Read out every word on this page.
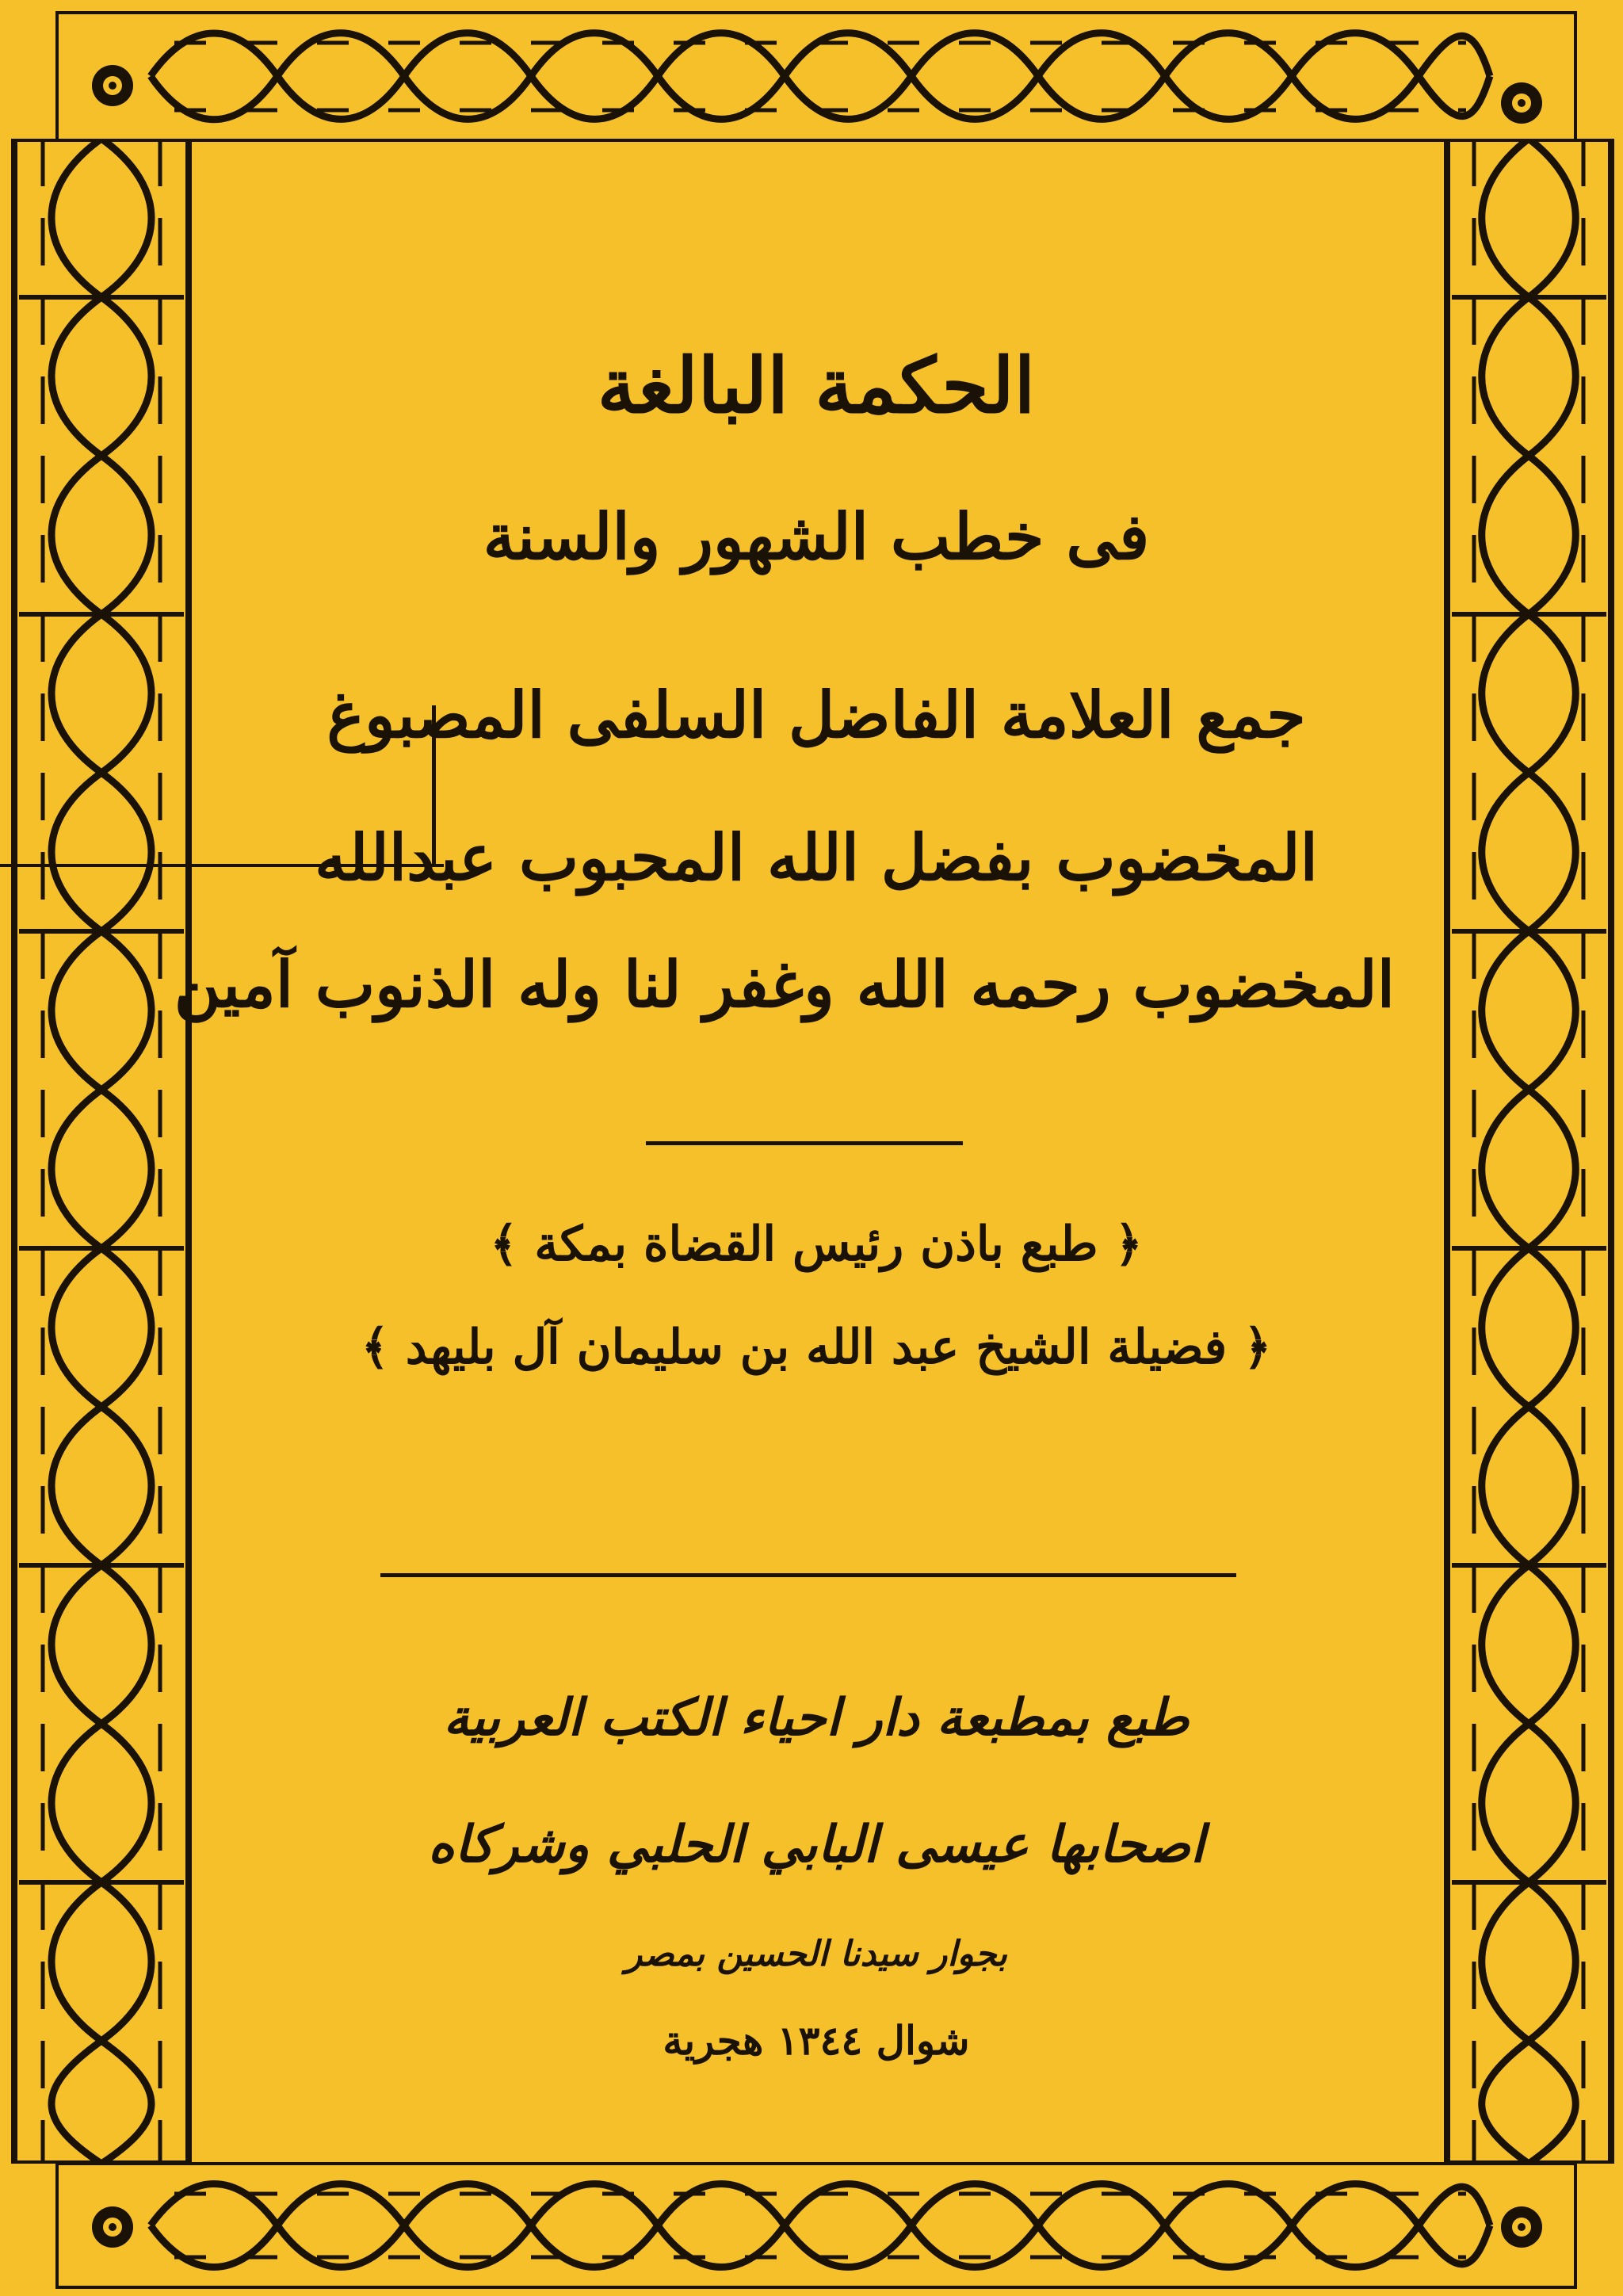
الحكمة البالغة
فى خطب الشهور والسنة
جمع العلامة الفاضل السلفى المصبوغ
المخضوب بفضل الله المحبوب عبدالله
المخضوب رحمه الله وغفر لنا وله الذنوب آمين
﴿ طبع باذن رئيس القضاة بمكة ﴾
﴿ فضيلة الشيخ عبد الله بن سليمان آل بليهد ﴾
طبع بمطبعة دار احياء الكتب العربية
اصحابها عيسى البابي الحلبي وشركاه
بجوار سيدنا الحسين بمصر
شوال ١٣٤٤ هجرية
